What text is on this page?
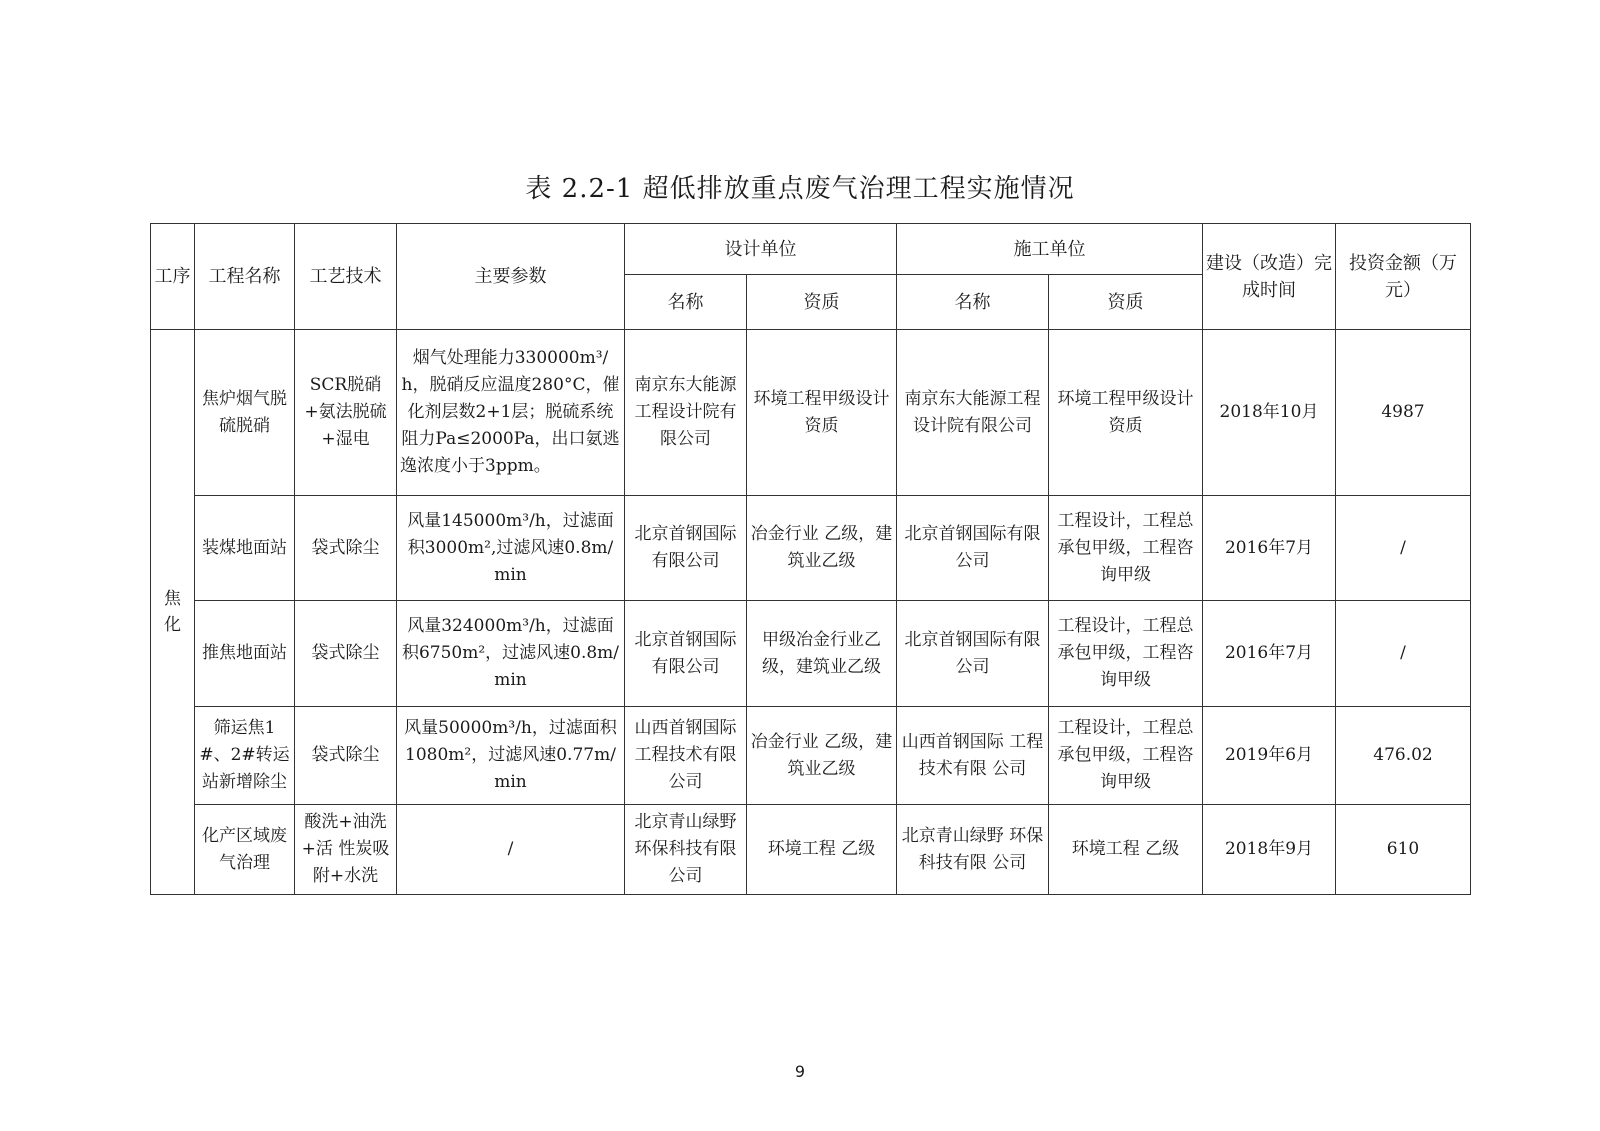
表 2.2-1 超低排放重点废气治理工程实施情况
工序	工程名称	工艺技术	主要参数	设计单位		施工单位		建设（改造）完成时间	投资金额（万元）
				名称	资质	名称	资质		
焦化	焦炉烟气脱硫脱硝	SCR脱硝+氨法脱硫+湿电	烟气处理能力330000m³/h，脱硝反应温度280°C，催化剂层数2+1层；脱硫系统阻力Pa≤2000Pa，出口氨逃逸浓度小于3ppm。	南京东大能源工程设计院有限公司	环境工程甲级设计资质	南京东大能源工程设计院有限公司	环境工程甲级设计资质	2018年10月	4987
	装煤地面站	袋式除尘	风量145000m³/h，过滤面积3000m²,过滤风速0.8m/min	北京首钢国际有限公司	冶金行业 乙级，建筑业乙级	北京首钢国际有限公司	工程设计，工程总承包甲级，工程咨询甲级	2016年7月	/
	推焦地面站	袋式除尘	风量324000m³/h，过滤面积6750m²，过滤风速0.8m/min	北京首钢国际有限公司	甲级冶金行业乙级，建筑业乙级	北京首钢国际有限公司	工程设计，工程总承包甲级，工程咨询甲级	2016年7月	/
	筛运焦1#、2#转运站新增除尘	袋式除尘	风量50000m³/h，过滤面积1080m²，过滤风速0.77m/min	山西首钢国际工程技术有限公司	冶金行业 乙级，建筑业乙级	山西首钢国际 工程技术有限 公司	工程设计，工程总承包甲级，工程咨询甲级	2019年6月	476.02
	化产区域废气治理	酸洗+油洗+活 性炭吸附+水洗	/	北京青山绿野环保科技有限公司	环境工程 乙级	北京青山绿野 环保科技有限 公司	环境工程 乙级	2018年9月	610
9
